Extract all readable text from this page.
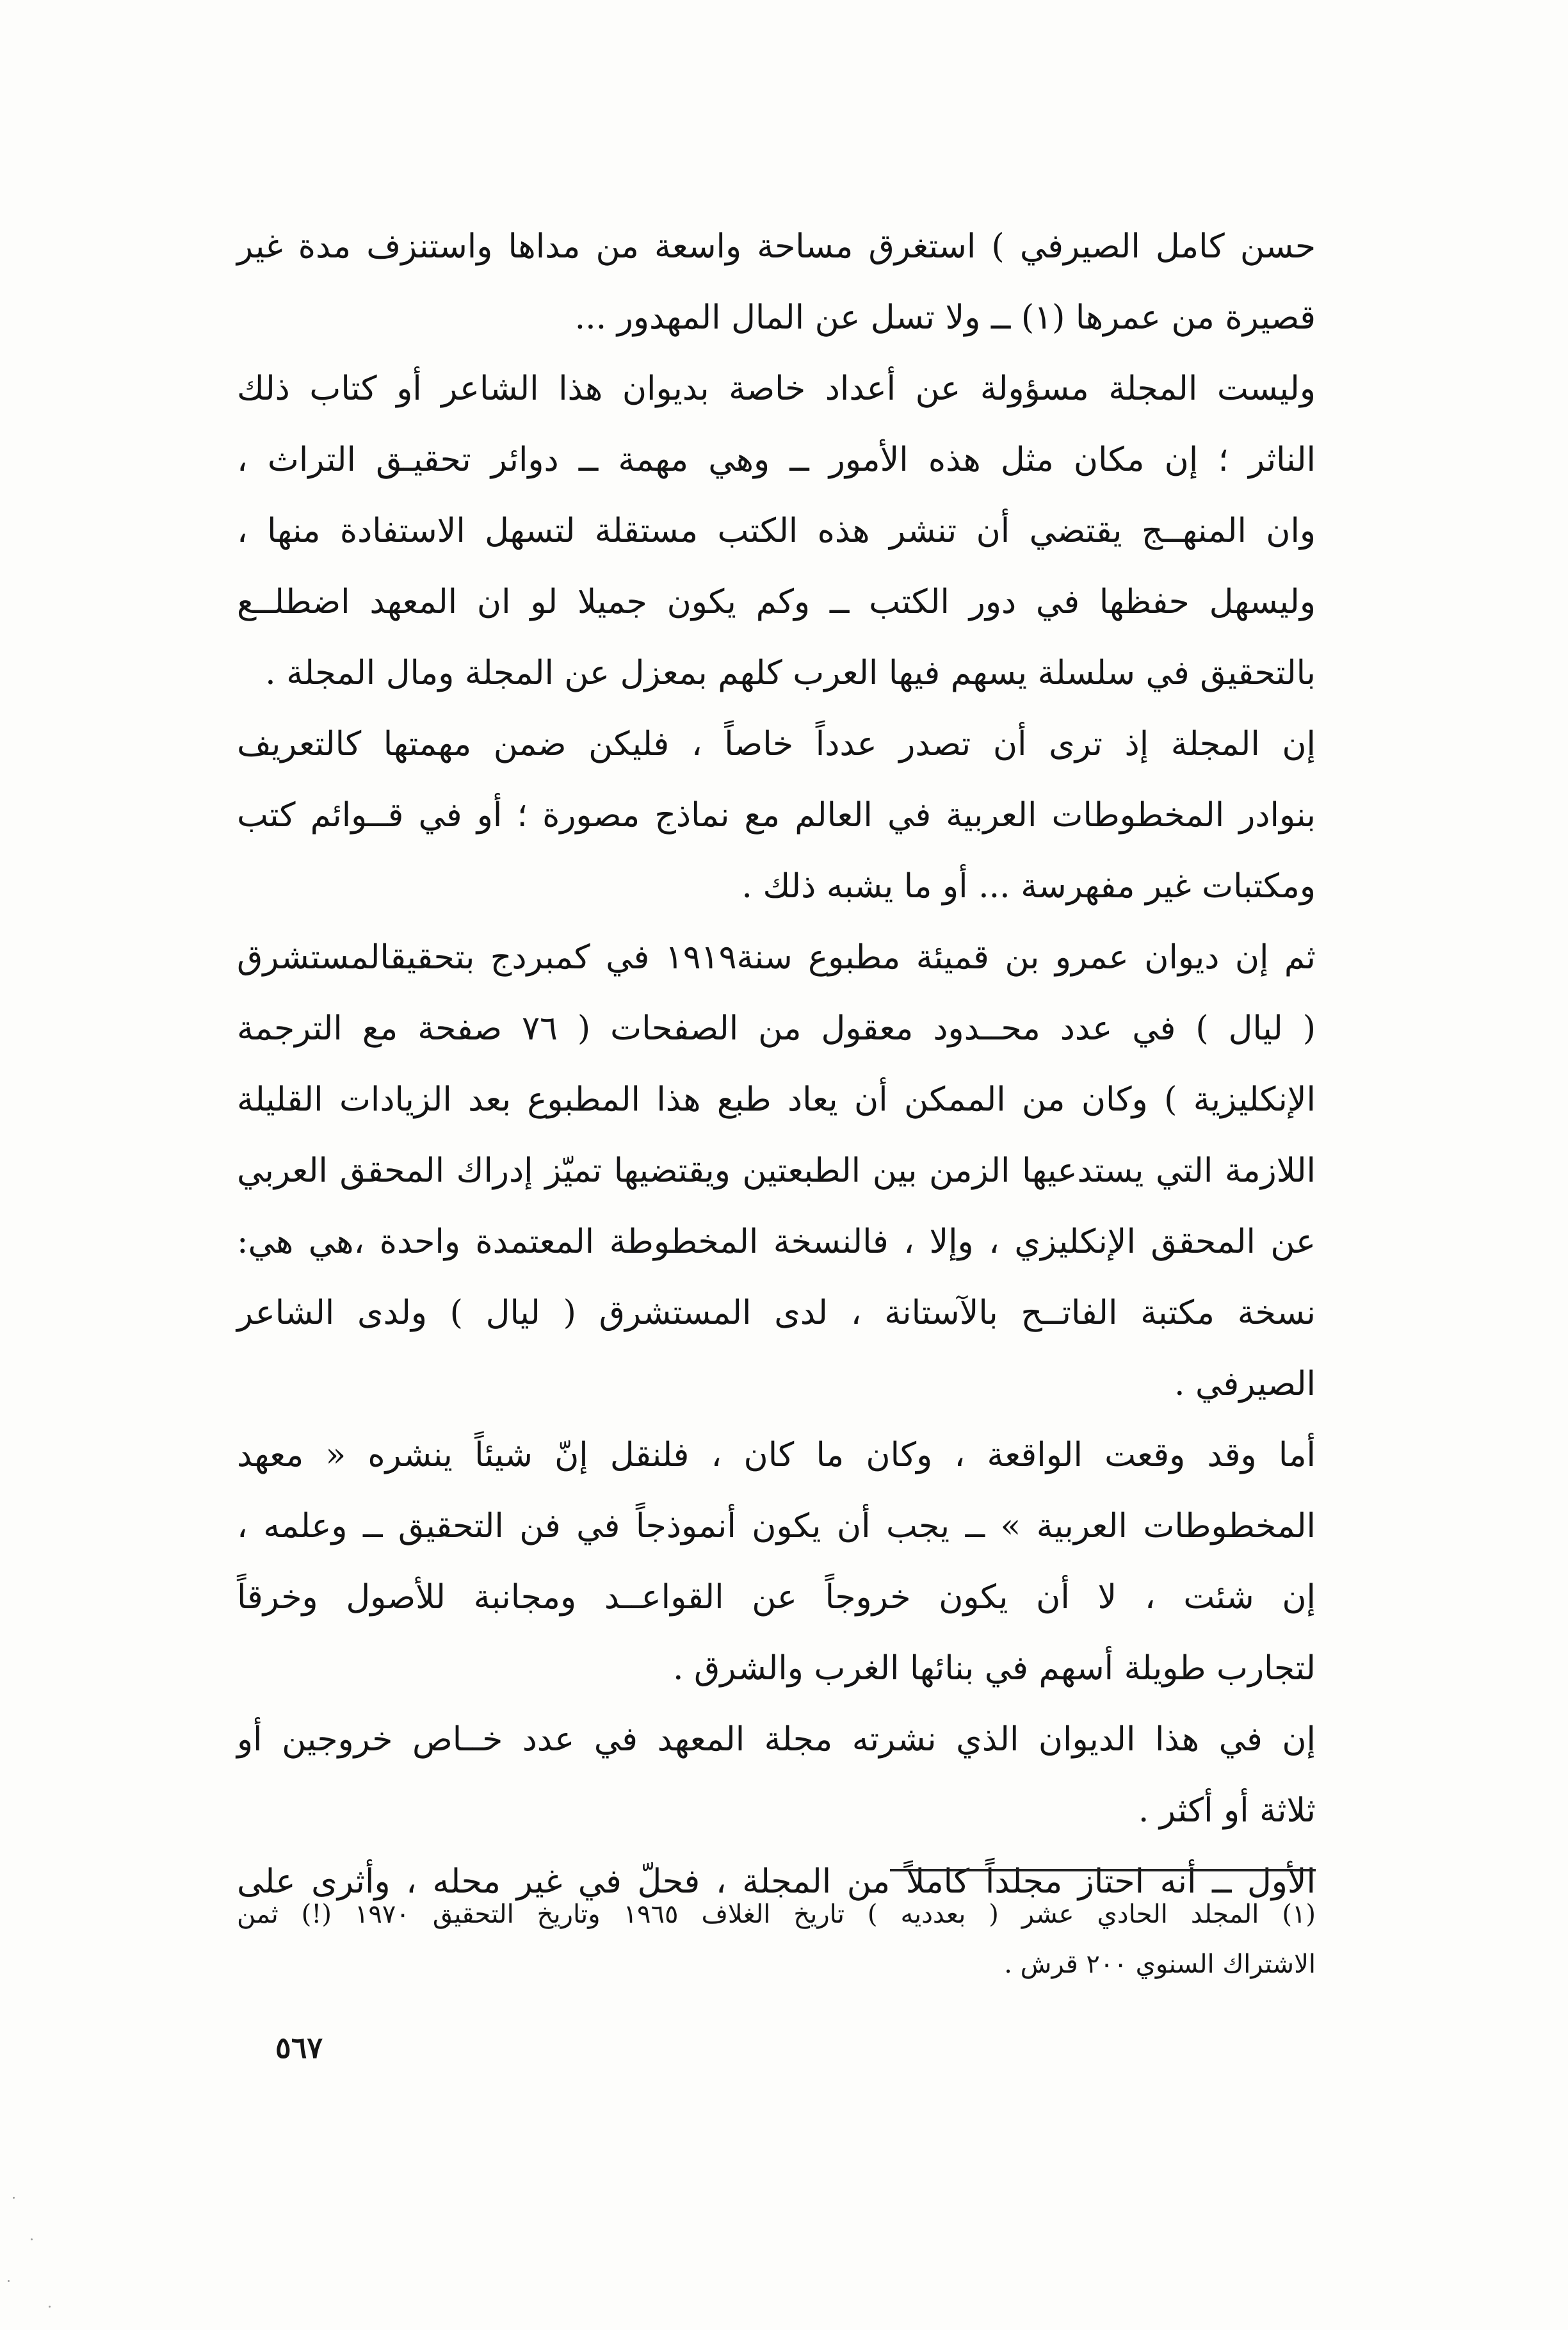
حسن كامل الصيرفي ) استغرق مساحة واسعة من مداها واستنزف مدة غير
قصيرة من عمرها (١) ــ ولا تسل عن المال المهدور ...
وليست المجلة مسؤولة عن أعداد خاصة بديوان هذا الشاعر أو كتاب ذلك
الناثر ؛ إن مكان مثل هذه الأمور ــ وهي مهمة ــ دوائر تحقيـق التراث ،
وان المنهــج يقتضي أن تنشر هذه الكتب مستقلة لتسهل الاستفادة منها ،
وليسهل حفظها في دور الكتب ــ وكم يكون جميلا لو ان المعهد اضطلــع
بالتحقيق في سلسلة يسهم فيها العرب كلهم بمعزل عن المجلة ومال المجلة .
إن المجلة إذ ترى أن تصدر عدداً خاصاً ، فليكن ضمن مهمتها كالتعريف
بنوادر المخطوطات العربية في العالم مع نماذج مصورة ؛ أو في قــوائم كتب
ومكتبات غير مفهرسة ... أو ما يشبه ذلك .
ثم إن ديوان عمرو بن قميئة مطبوع سنة١٩١٩ في كمبردج بتحقيقالمستشرق
( ليال ) في عدد محــدود معقول من الصفحات ( ٧٦ صفحة مع الترجمة
الإنكليزية ) وكان من الممكن أن يعاد طبع هذا المطبوع بعد الزيادات القليلة
اللازمة التي يستدعيها الزمن بين الطبعتين ويقتضيها تميّز إدراك المحقق العربي
عن المحقق الإنكليزي ، وإلا ، فالنسخة المخطوطة المعتمدة واحدة ،هي هي:
نسخة مكتبة الفاتــح بالآستانة ، لدى المستشرق ( ليال ) ولدى الشاعر
الصيرفي .
أما وقد وقعت الواقعة ، وكان ما كان ، فلنقل إنّ شيئاً ينشره « معهد
المخطوطات العربية » ــ يجب أن يكون أنموذجاً في فن التحقيق ــ وعلمه ،
إن شئت ، لا أن يكون خروجاً عن القواعــد ومجانبة للأصول وخرقاً
لتجارب طويلة أسهم في بنائها الغرب والشرق .
إن في هذا الديوان الذي نشرته مجلة المعهد في عدد خــاص خروجين أو
ثلاثة أو أكثر .
الأول ــ أنه احتاز مجلداً كاملاً من المجلة ، فحلّ في غير محله ، وأثرى على
(١) المجلد الحادي عشر ( بعدديه ) تاريخ الغلاف ١٩٦٥ وتاريخ التحقيق ١٩٧٠ (!) ثمن
الاشتراك السنوي ٢٠٠ قرش .
٥٦٧
